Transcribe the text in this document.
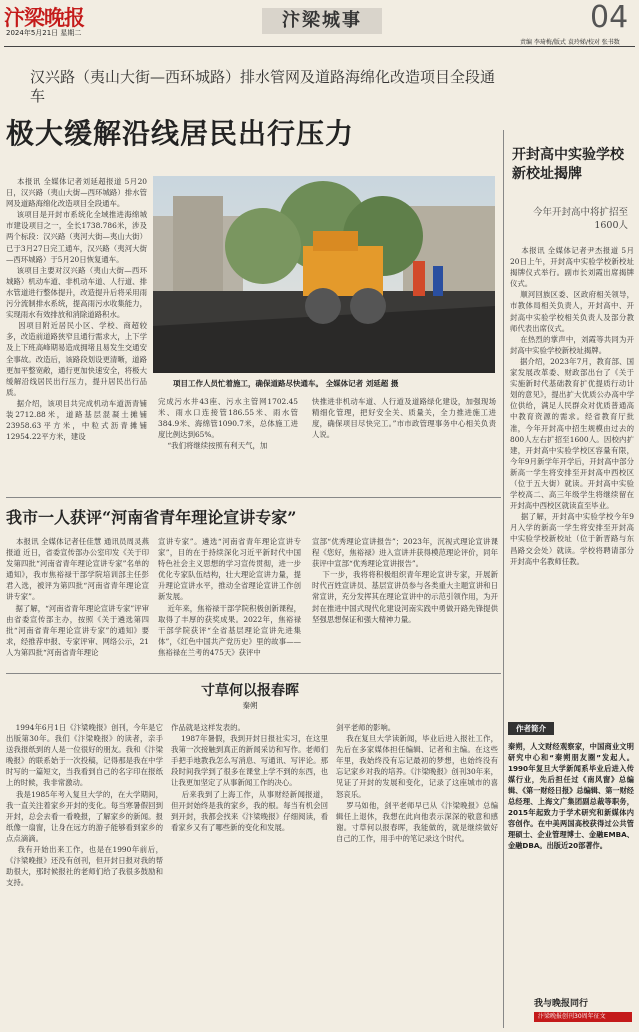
汴梁晚报
2024年5月21日 星期二
汴梁城事	04
责编 李琦梅/版式 袁玲娣/校对 张书数
汉兴路（夷山大街—西环城路）排水管网及道路海绵化改造项目全段通车
极大缓解沿线居民出行压力
本报讯 全媒体记者刘延超报道 5月20日，汉兴路（夷山大街—西环城路）排水管网及道路海绵化改造项目全段通车。
该项目是开封市系统化全域推进海绵城市建设项目之一，全长1738.786米，涉及两个标段：汉兴路（夷河大街—夷山大街）已于3月27日完工通车，汉兴路（夷河大街—西环城路）于5月20日恢复通车。
该项目主要对汉兴路（夷山大街—西环城路）机动车道、非机动车道、人行道、排水管道进行整体提升，改造提升后将采用雨污分流制排水系统，提高雨污水收集能力，实现雨水有效排放和消除道路积水。
因项目附近居民小区、学校、商超较多，改造前道路狭窄且通行需求大，上下学及上下班高峰期易造成拥堵且易发生交通安全事故。改造后，该路段划设更清晰，道路更加平整宽敞，通行更加快速安全，将极大缓解沿线居民出行压力，提升居民出行品质。
据介绍，该项目共完成机动车道沥青铺装2712.88米，道路基层混凝土摊铺23958.63平方米，中粒式沥青摊铺12954.22平方米，建设
项目工作人员忙着施工，确保道路尽快通车。 全媒体记者 刘延超 摄
完成污水井43座、污水主管网1702.45米、雨水口连接管186.55米、雨水管384.9米、海绵管1090.7米，总体施工进度比例达到65%。
“我们将继续按照有利天气，加
快推进非机动车道、人行道及道路绿化建设，加强现场精细化管理，把好安全关、质量关，全力推进施工进度，确保项目尽快完工。”市市政管理事务中心相关负责人说。
我市一人获评“河南省青年理论宣讲专家”
本报讯 全媒体记者任佳慧 通讯员周灵燕报道 近日，省委宣传部办公室印发《关于印发第四批“河南省青年理论宣讲专家”名单的通知》，我市焦裕禄干部学院培训部主任彭君入选，被评为第四批“河南省青年理论宣讲专家”。
据了解，“河南省青年理论宣讲专家”评审由省委宣传部主办，按照《关于遴选第四批“河南省青年理论宣讲专家”的通知》要求，经推荐申报、专家评审、网络公示，21人为第四批“河南省青年理论
宣讲专家”。遴选“河南省青年理论宣讲专家”，目的在于持续深化习近平新时代中国特色社会主义思想的学习宣传贯彻，进一步优化专家队伍结构，壮大理论宣讲力量，提升理论宣讲水平，推动全省理论宣讲工作创新发展。
近年来，焦裕禄干部学院积极创新课程，取得了丰厚的获奖成果。2022年，焦裕禄干部学院获评“全省基层理论宣讲先进集体”，《红色中国共产党历史》里的故事——焦裕禄在兰考的475天》获评中
宣部“优秀理论宣讲报告”；2023年，沉视式理论宣讲课程《您好，焦裕禄》进入宣讲并获得模范理论评价，同年获评中宣部“优秀理论宣讲报告”。
下一步，我将将积极组织青年理论宣讲专家，开展新时代百姓宣讲员、基层宣讲员参与各类重大主题宣讲和日常宣讲，充分发挥其在理论宣讲中的示范引领作用，为开封在推进中国式现代化建设河南实践中勇做开路先锋提供坚强思想保证和强大精神力量。
寸草何以报春晖
秦朔
1994年6月1日《汴梁晚报》创刊，今年是它出版第30年。我们《汴梁晚报》的读者，亲手送我报纸到的人是一位很好的朋友。我和《汴梁晚报》的联系始于一次投稿，记得那是我在中学时写的一篇短文，当我看到自己的名字印在报纸上的时候，我非常激动。
我是1985年考入复旦大学的，在大学期间，我一直关注着家乡开封的变化。每当寒暑假回到开封，总会去看一看晚报，了解家乡的新闻。报纸像一扇窗，让身在远方的游子能够看到家乡的点点滴滴。
我有开始出来工作，也是在1990年前后，《汴梁晚报》还没有创刊，但开封日报对我的帮助很大，那时候报社的老师们给了我很多鼓励和支持。
作品就是这样发表的。
1987年暑假，我到开封日报社实习，在这里我第一次接触到真正的新闻采访和写作。老师们手把手地教我怎么写消息、写通讯、写评论。那段时间我学到了很多在课堂上学不到的东西，也让我更加坚定了从事新闻工作的决心。
后来我到了上海工作，从事财经新闻报道，但开封始终是我的家乡，我的根。每当有机会回到开封，我都会找来《汴梁晚报》仔细阅读，看看家乡又有了哪些新的变化和发展。
剑平老师的影响。
我在复旦大学读新闻，毕业后进入报社工作，先后在多家媒体担任编辑、记者和主编。在这些年里，我始终没有忘记最初的梦想，也始终没有忘记家乡对我的培养。《汴梁晚报》创刊30年来，见证了开封的发展和变化，记录了这座城市的喜怒哀乐。
罗马如他，剑平老师早已从《汴梁晚报》总编辑任上退休，我想在此向他表示深深的敬意和感谢。寸草何以报春晖，我能做的，就是继续做好自己的工作，用手中的笔记录这个时代。
开封高中实验学校新校址揭牌
今年开封高中将扩招至1600人
本报讯 全媒体记者尹杰报道 5月20日上午，开封高中实验学校新校址揭牌仪式举行。副市长刘霞出席揭牌仪式。
顺河回族区委、区政府相关领导，市教体局相关负责人，开封高中、开封高中实验学校相关负责人及部分教师代表出席仪式。
在热烈的掌声中，刘霞等共同为开封高中实验学校新校址揭牌。
据介绍，2023年7月，教育部、国家发展改革委、财政部出台了《关于实施新时代基础教育扩优提质行动计划的意见》，提出扩大优质公办高中学位供给，满足人民群众对优质普通高中教育资源的需求。经省教育厅批准，今年开封高中招生规模由过去的800人左右扩招至1600人。因校内扩建，开封高中实验学校区容量有限，今年9月新学年开学后，开封高中部分新高一学生将安排至开封高中西校区（位于五大街）就读。开封高中实验学校高二、高三年级学生将继续留在开封高中西校区就读直至毕业。
据了解，开封高中实验学校今年9月入学的新高一学生将安排至开封高中实验学校新校址（位于新晋路与东昌路交会处）就读。学校将聘请部分开封高中名教师任教。
作者简介
秦朔，人文财经观察家，中国商业文明研究中心和“秦朔朋友圈”发起人。1990年复旦大学新闻系毕业后进入传媒行业，先后担任过《南风窗》总编辑、《第一财经日报》总编辑、第一财经总经理、上海文广集团副总裁等职务，2015年起致力于学术研究和新媒体内容创作。在中美两国高校获得过公共管理硕士、企业管理博士、金融EMBA、金融DBA。出版近20部著作。
我与晚报同行
汴梁晚报创刊30周年征文
